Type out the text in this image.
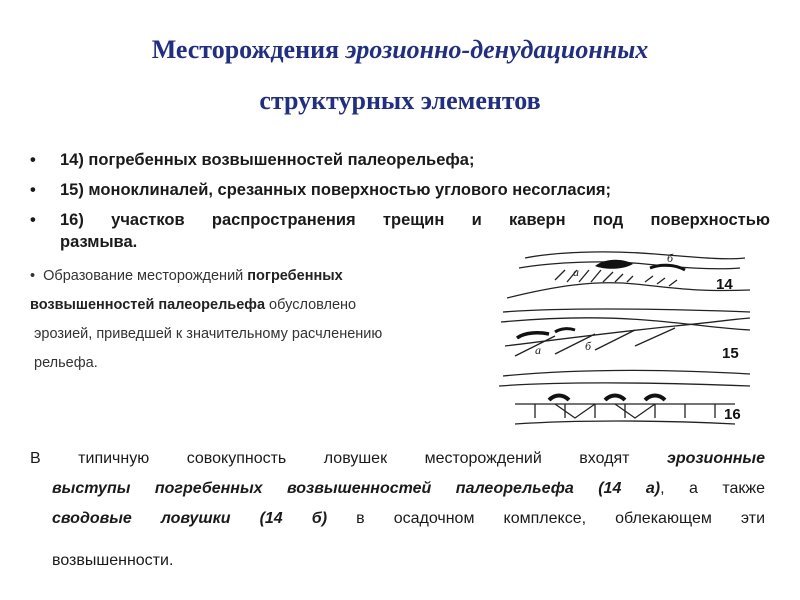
Месторождения эрозионно-денудационных
структурных элементов
• 14) погребенных возвышенностей палеорельефа;
• 15) моноклиналей, срезанных поверхностью углового несогласия;
• 16) участков распространения трещин и каверн под поверхностью
размыва.
• Образование месторождений погребенных
возвышенностей палеорельефа обусловлено
эрозией, приведшей к значительному расчленению
рельефа.
а
б
а	б
14
15
16
В типичную совокупность ловушек месторождений входят эрозионные
выступы погребенных возвышенностей палеорельефа (14 а), а также
сводовые ловушки (14 б) в осадочном комплексе, облекающем эти
возвышенности.
